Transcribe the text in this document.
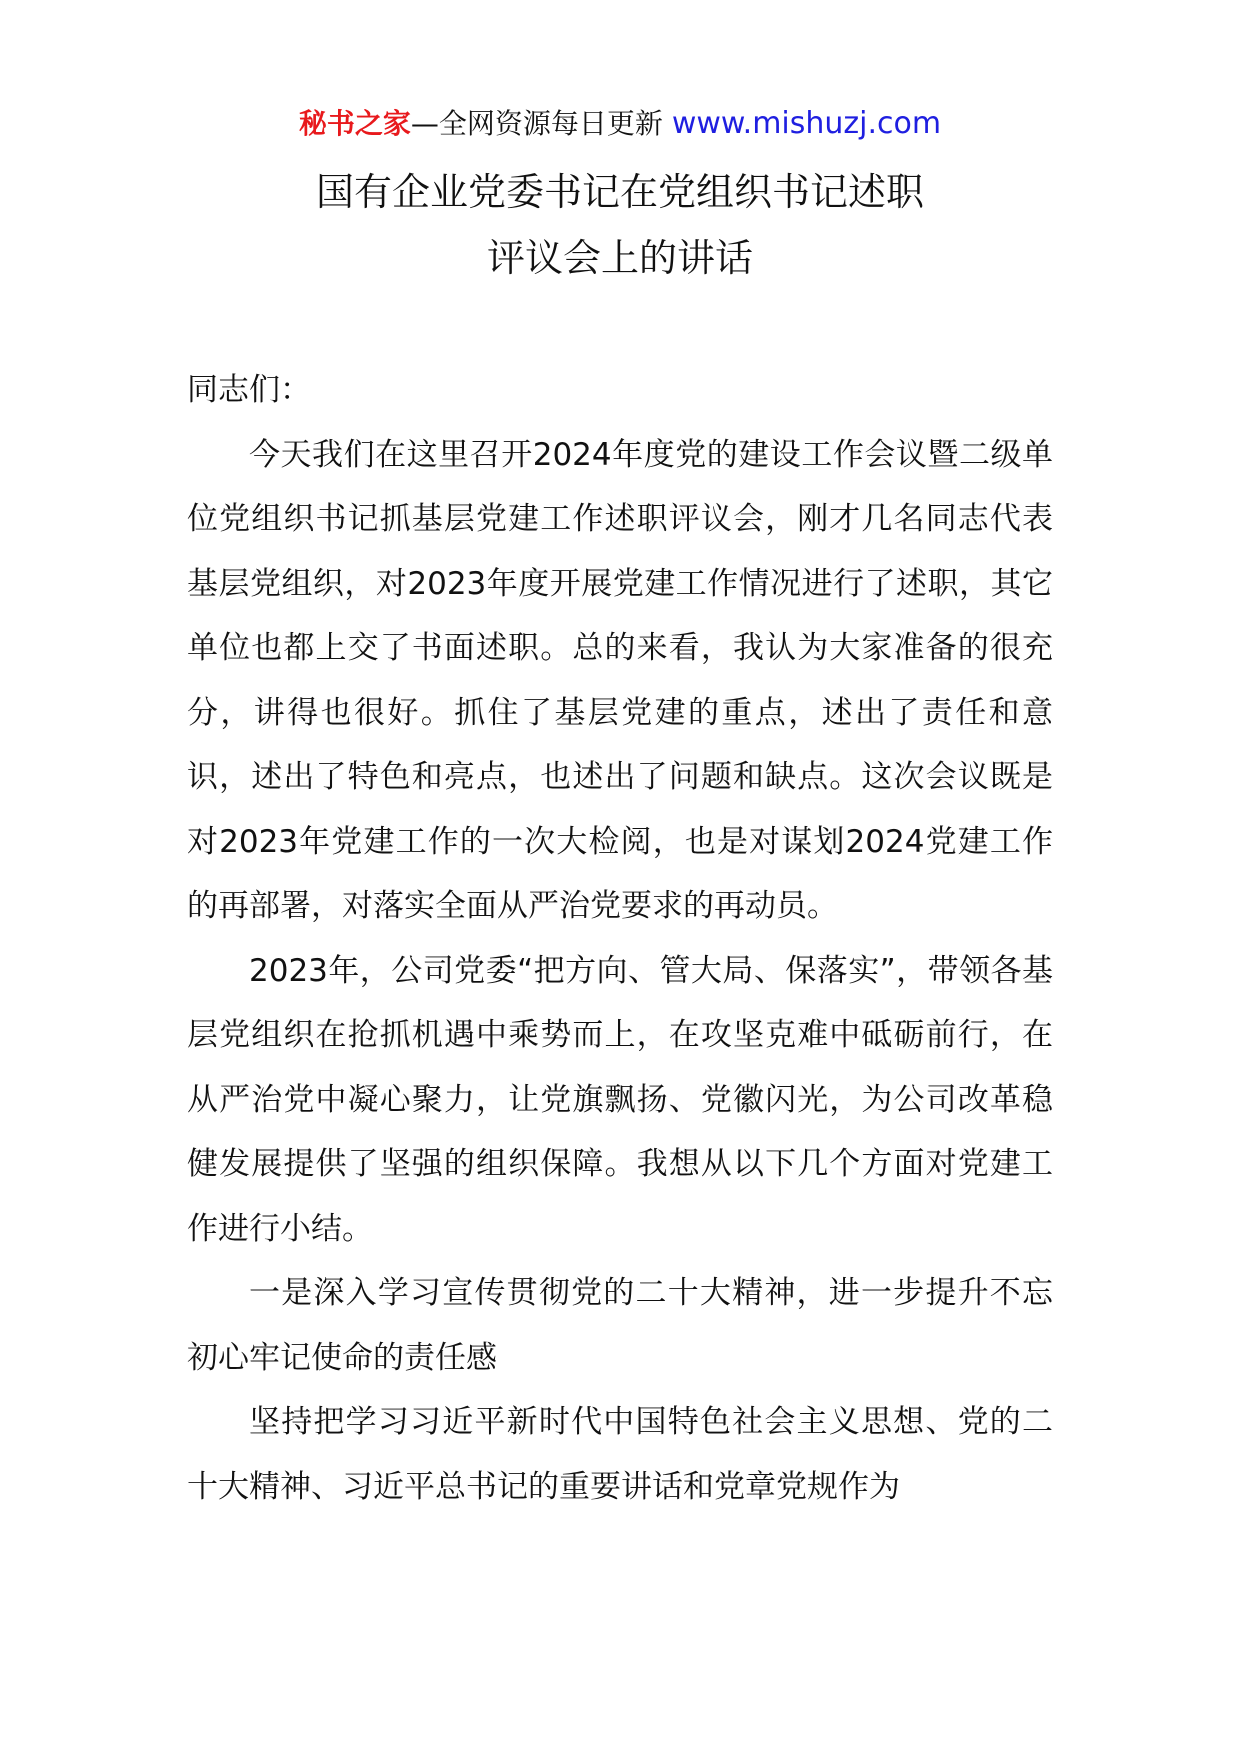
秘书之家—全网资源每日更新 www.mishuzj.com
国有企业党委书记在党组织书记述职
评议会上的讲话

同志们：

今天我们在这里召开2024年度党的建设工作会议暨二级单位党组织书记抓基层党建工作述职评议会，刚才几名同志代表基层党组织，对2023年度开展党建工作情况进行了述职，其它单位也都上交了书面述职。总的来看，我认为大家准备的很充分，讲得也很好。抓住了基层党建的重点，述出了责任和意识，述出了特色和亮点，也述出了问题和缺点。这次会议既是对2023年党建工作的一次大检阅，也是对谋划2024党建工作的再部署，对落实全面从严治党要求的再动员。

2023年，公司党委“把方向、管大局、保落实”，带领各基层党组织在抢抓机遇中乘势而上，在攻坚克难中砥砺前行，在从严治党中凝心聚力，让党旗飘扬、党徽闪光，为公司改革稳健发展提供了坚强的组织保障。我想从以下几个方面对党建工作进行小结。

一是深入学习宣传贯彻党的二十大精神，进一步提升不忘初心牢记使命的责任感

坚持把学习习近平新时代中国特色社会主义思想、党的二十大精神、习近平总书记的重要讲话和党章党规作为
